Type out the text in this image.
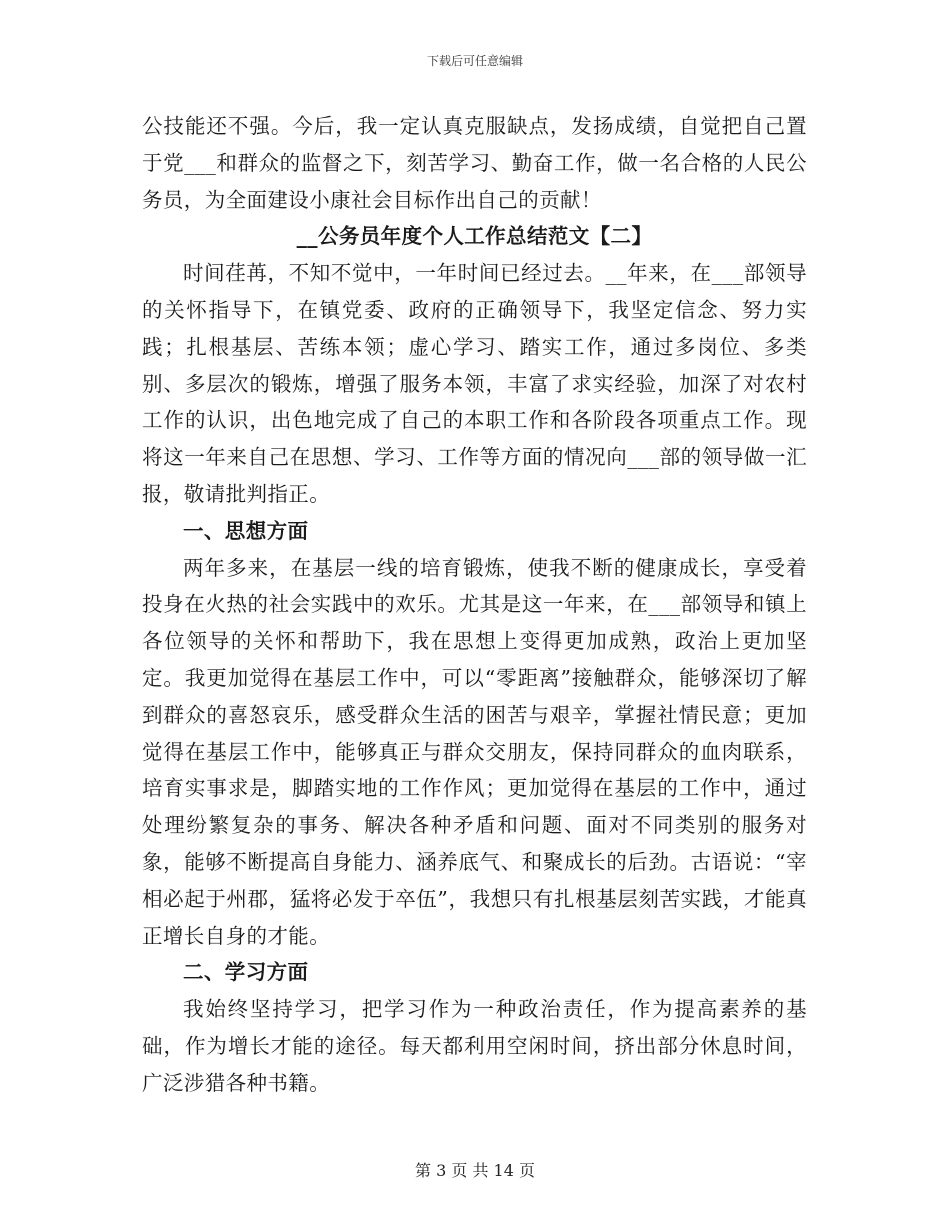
下载后可任意编辑

公技能还不强。今后，我一定认真克服缺点，发扬成绩，自觉把自己置于党___和群众的监督之下，刻苦学习、勤奋工作，做一名合格的人民公务员，为全面建设小康社会目标作出自己的贡献！

__公务员年度个人工作总结范文【二】

时间荏苒，不知不觉中，一年时间已经过去。__年来，在___部领导的关怀指导下，在镇党委、政府的正确领导下，我坚定信念、努力实践；扎根基层、苦练本领；虚心学习、踏实工作，通过多岗位、多类别、多层次的锻炼，增强了服务本领，丰富了求实经验，加深了对农村工作的认识，出色地完成了自己的本职工作和各阶段各项重点工作。现将这一年来自己在思想、学习、工作等方面的情况向___部的领导做一汇报，敬请批判指正。

一、思想方面

两年多来，在基层一线的培育锻炼，使我不断的健康成长，享受着投身在火热的社会实践中的欢乐。尤其是这一年来，在___部领导和镇上各位领导的关怀和帮助下，我在思想上变得更加成熟，政治上更加坚定。我更加觉得在基层工作中，可以“零距离”接触群众，能够深切了解到群众的喜怒哀乐，感受群众生活的困苦与艰辛，掌握社情民意；更加觉得在基层工作中，能够真正与群众交朋友，保持同群众的血肉联系，培育实事求是，脚踏实地的工作作风；更加觉得在基层的工作中，通过处理纷繁复杂的事务、解决各种矛盾和问题、面对不同类别的服务对象，能够不断提高自身能力、涵养底气、和聚成长的后劲。古语说：“宰相必起于州郡，猛将必发于卒伍”，我想只有扎根基层刻苦实践，才能真正增长自身的才能。

二、学习方面

我始终坚持学习，把学习作为一种政治责任，作为提高素养的基础，作为增长才能的途径。每天都利用空闲时间，挤出部分休息时间，广泛涉猎各种书籍。

第 3 页 共 14 页
